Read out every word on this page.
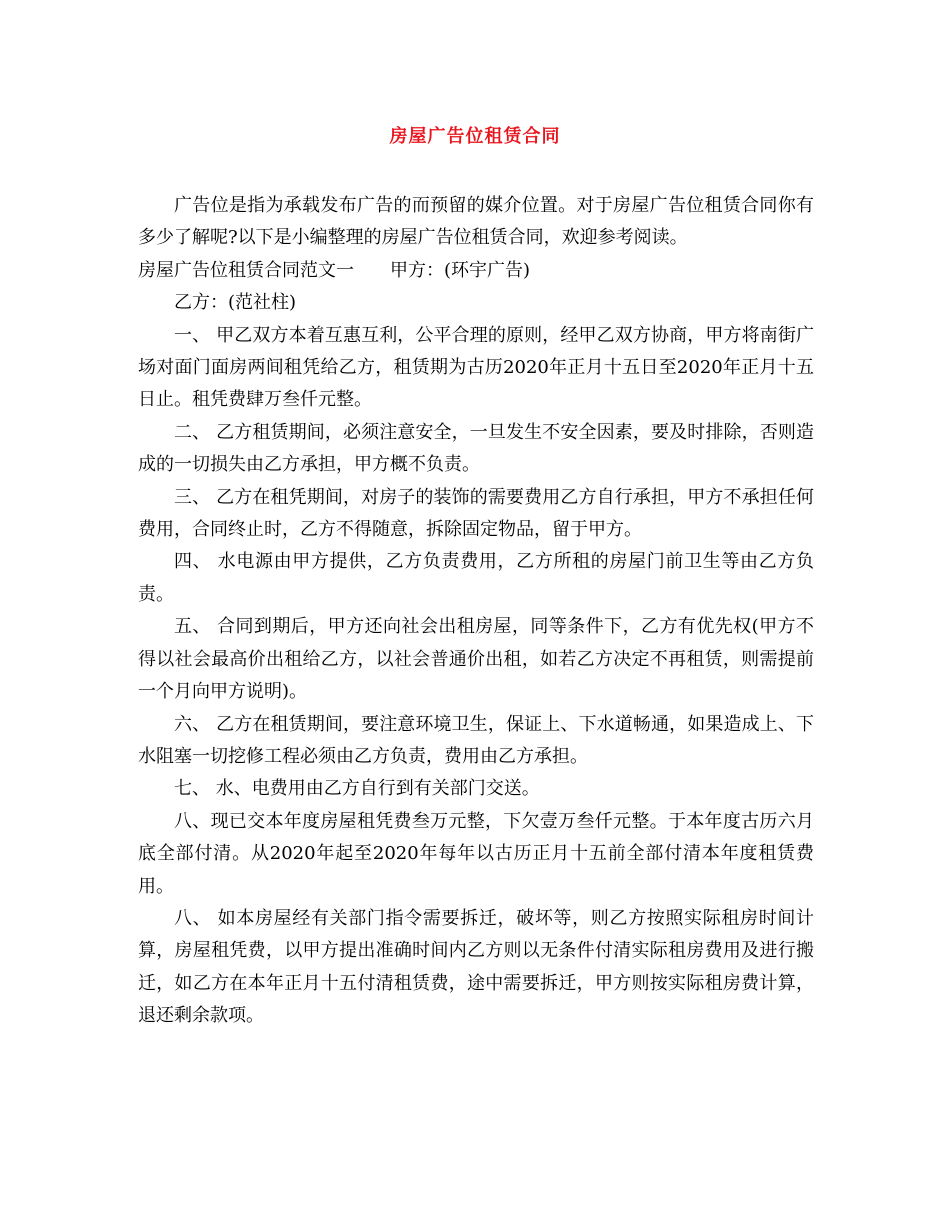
房屋广告位租赁合同

广告位是指为承载发布广告的而预留的媒介位置。对于房屋广告位租赁合同你有多少了解呢?以下是小编整理的房屋广告位租赁合同，欢迎参考阅读。

房屋广告位租赁合同范文一 甲方：(环宇广告)

乙方：(范社柱)

一、 甲乙双方本着互惠互利，公平合理的原则，经甲乙双方协商，甲方将南街广场对面门面房两间租凭给乙方，租赁期为古历2020年正月十五日至2020年正月十五日止。租凭费肆万叁仟元整。

二、 乙方租赁期间，必须注意安全，一旦发生不安全因素，要及时排除，否则造成的一切损失由乙方承担，甲方概不负责。

三、 乙方在租凭期间，对房子的装饰的需要费用乙方自行承担，甲方不承担任何费用，合同终止时，乙方不得随意，拆除固定物品，留于甲方。

四、 水电源由甲方提供，乙方负责费用，乙方所租的房屋门前卫生等由乙方负责。

五、 合同到期后，甲方还向社会出租房屋，同等条件下，乙方有优先权(甲方不得以社会最高价出租给乙方，以社会普通价出租，如若乙方决定不再租赁，则需提前一个月向甲方说明)。

六、 乙方在租赁期间，要注意环境卫生，保证上、下水道畅通，如果造成上、下水阻塞一切挖修工程必须由乙方负责，费用由乙方承担。

七、 水、电费用由乙方自行到有关部门交送。

八、现已交本年度房屋租凭费叁万元整，下欠壹万叁仟元整。于本年度古历六月底全部付清。从2020年起至2020年每年以古历正月十五前全部付清本年度租赁费用。

八、 如本房屋经有关部门指令需要拆迁，破坏等，则乙方按照实际租房时间计算，房屋租凭费，以甲方提出准确时间内乙方则以无条件付清实际租房费用及进行搬迁，如乙方在本年正月十五付清租赁费，途中需要拆迁，甲方则按实际租房费计算，退还剩余款项。
